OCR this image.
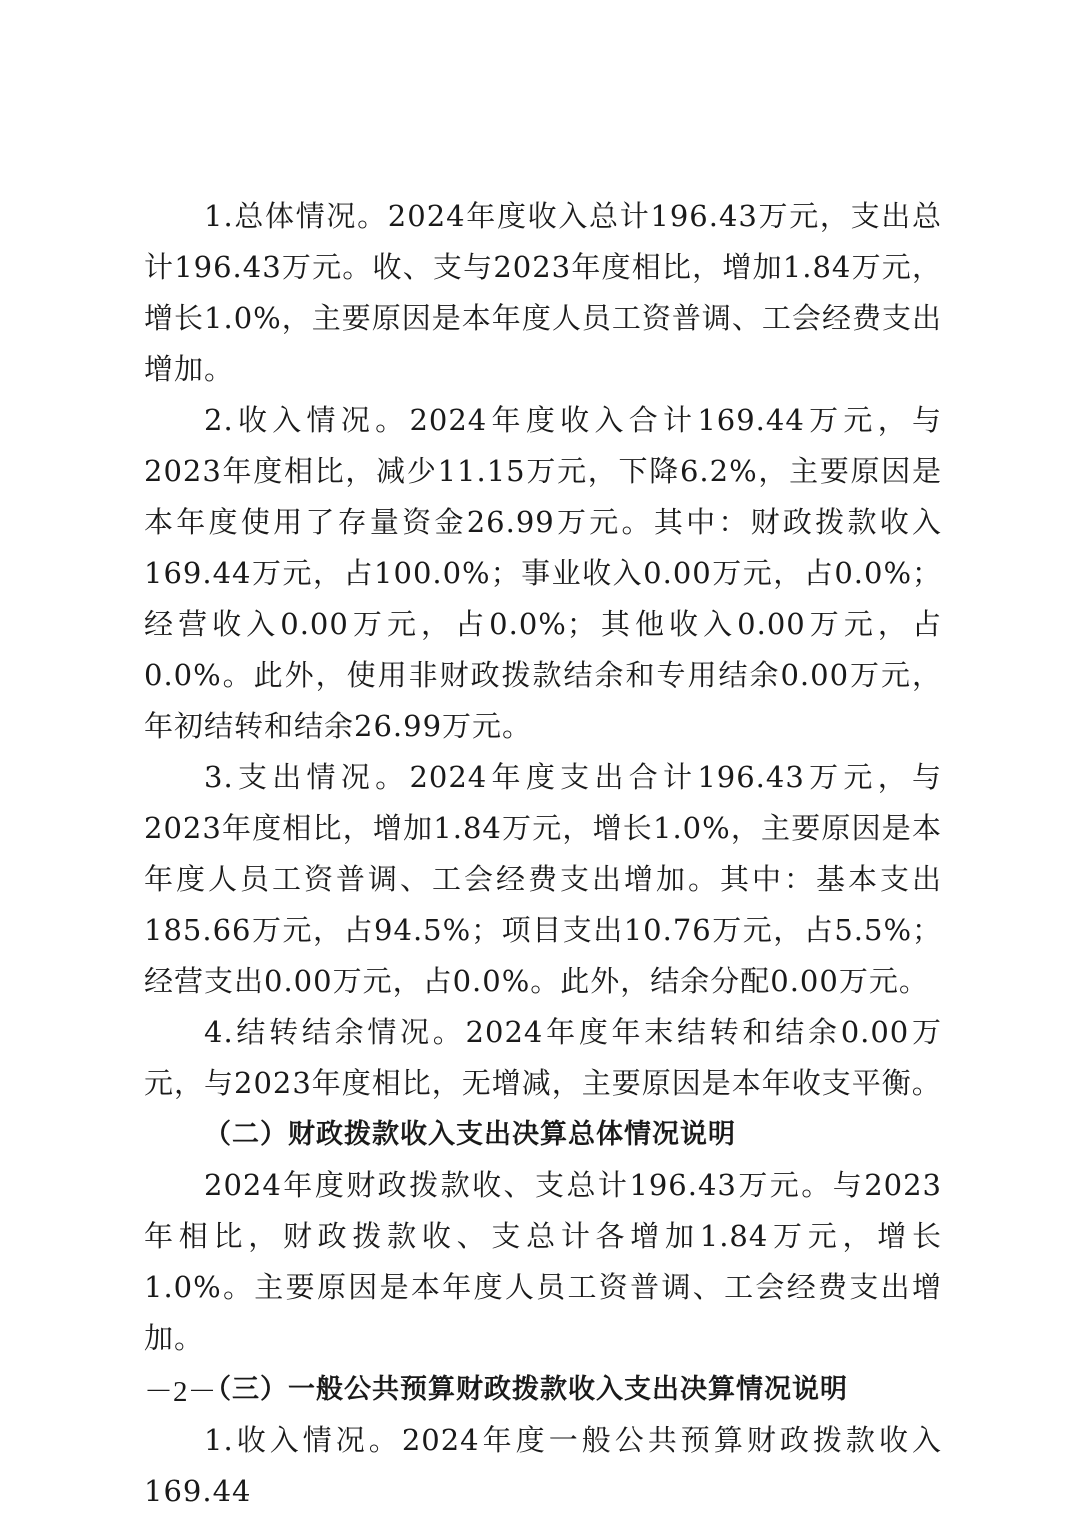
1.总体情况。2024年度收入总计196.43万元，支出总计196.43万元。收、支与2023年度相比，增加1.84万元，增长1.0%，主要原因是本年度人员工资普调、工会经费支出增加。

2.收入情况。2024年度收入合计169.44万元，与2023年度相比，减少11.15万元，下降6.2%，主要原因是本年度使用了存量资金26.99万元。其中：财政拨款收入169.44万元，占100.0%；事业收入0.00万元，占0.0%；经营收入0.00万元，占0.0%；其他收入0.00万元，占0.0%。此外，使用非财政拨款结余和专用结余0.00万元，年初结转和结余26.99万元。

3.支出情况。2024年度支出合计196.43万元，与2023年度相比，增加1.84万元，增长1.0%，主要原因是本年度人员工资普调、工会经费支出增加。其中：基本支出185.66万元，占94.5%；项目支出10.76万元，占5.5%；经营支出0.00万元，占0.0%。此外，结余分配0.00万元。

4.结转结余情况。2024年度年末结转和结余0.00万元，与2023年度相比，无增减，主要原因是本年收支平衡。

（二）财政拨款收入支出决算总体情况说明

2024年度财政拨款收、支总计196.43万元。与2023年相比，财政拨款收、支总计各增加1.84万元，增长1.0%。主要原因是本年度人员工资普调、工会经费支出增加。

（三）一般公共预算财政拨款收入支出决算情况说明

1.收入情况。2024年度一般公共预算财政拨款收入169.44

－2－
